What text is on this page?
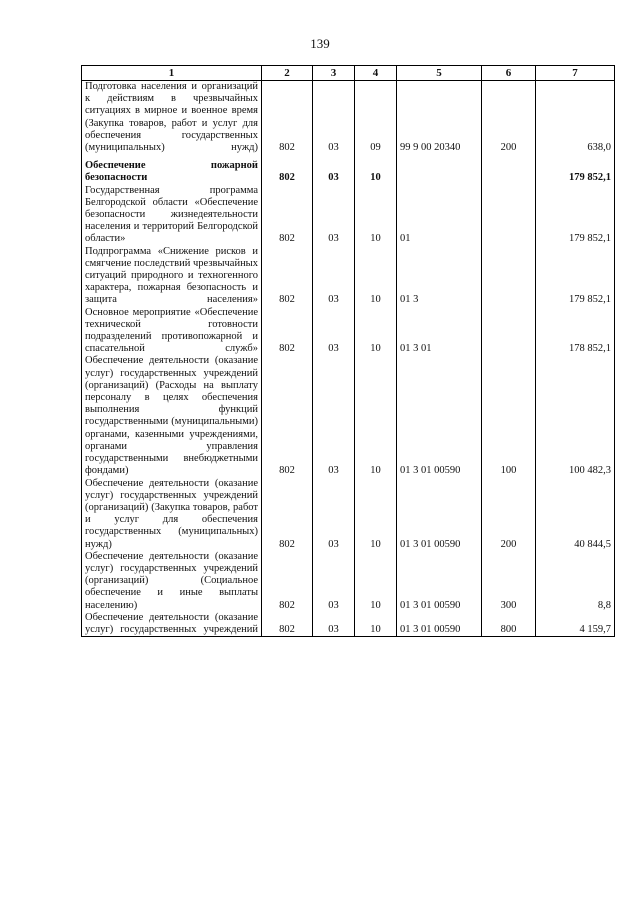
139
1	2	3	4	5	6	7
Подготовка населения и организаций к действиям в чрезвычайных ситуациях в мирное и военное время (Закупка товаров, работ и услуг для обеспечения государственных (муниципальных) нужд)	802	03	09	99 9 00 20340	200	638,0

Обеспечение пожарной безопасности	802	03	10			179 852,1
Государственная программа Белгородской области «Обеспечение безопасности жизнедеятельности населения и территорий Белгородской области»	802	03	10	01		179 852,1
Подпрограмма «Снижение рисков и смягчение последствий чрезвычайных ситуаций природного и техногенного характера, пожарная безопасность и защита населения»	802	03	10	01 3		179 852,1
Основное мероприятие «Обеспечение технической готовности подразделений противопожарной и спасательной служб»	802	03	10	01 3 01		178 852,1
Обеспечение деятельности (оказание услуг) государственных учреждений (организаций) (Расходы на выплату персоналу в целях обеспечения выполнения функций государственными (муниципальными) органами, казенными учреждениями, органами управления государственными внебюджетными фондами)	802	03	10	01 3 01 00590	100	100 482,3
Обеспечение деятельности (оказание услуг) государственных учреждений (организаций) (Закупка товаров, работ и услуг для обеспечения государственных (муниципальных) нужд)	802	03	10	01 3 01 00590	200	40 844,5
Обеспечение деятельности (оказание услуг) государственных учреждений (организаций) (Социальное обеспечение и иные выплаты населению)	802	03	10	01 3 01 00590	300	8,8
Обеспечение деятельности (оказание услуг) государственных учреждений	802	03	10	01 3 01 00590	800	4 159,7
